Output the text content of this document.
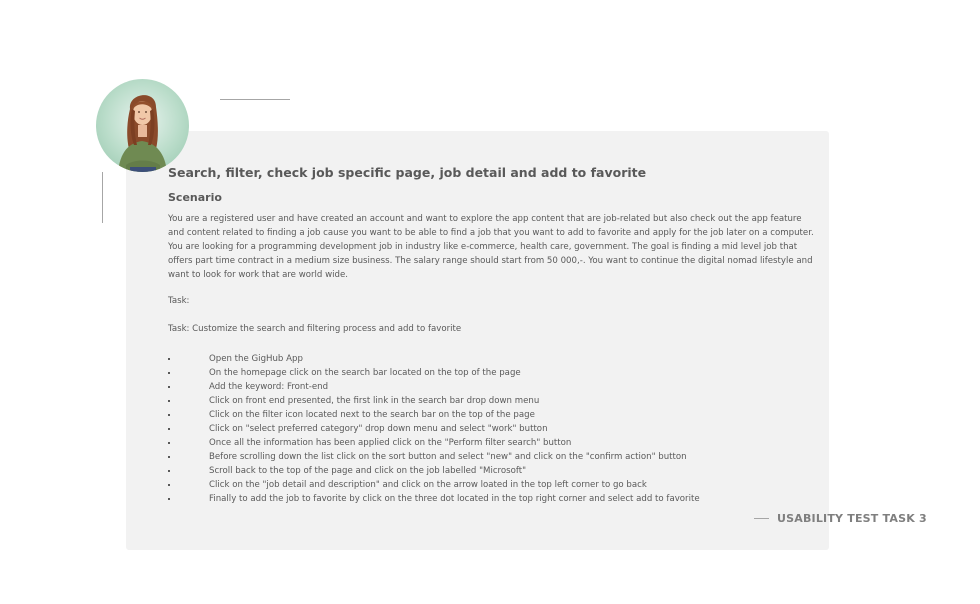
Search, filter, check job specific page, job detail and add to favorite
Scenario

You are a registered user and have created an account and want to explore the app content that are job-related but also check out the app feature and content related to finding a job cause you want to be able to find a job that you want to add to favorite and apply for the job later on a computer. You are looking for a programming development job in industry like e-commerce, health care, government. The goal is finding a mid level job that offers part time contract in a medium size business. The salary range should start from 50 000,-. You want to continue the digital nomad lifestyle and want to look for work that are world wide.

Task:
Task: Customize the search and filtering process and add to favorite
Open the GigHub App
On the homepage click on the search bar located on the top of the page
Add the keyword: Front-end
Click on front end presented, the first link in the search bar drop down menu
Click on the filter icon located next to the search bar on the top of the page
Click on "select preferred category" drop down menu and select "work" button
Once all the information has been applied click on the "Perform filter search" button
Before scrolling down the list click on the sort button and select "new" and click on the "confirm action" button
Scroll back to the top of the page and click on the job labelled "Microsoft"
Click on the "job detail and description" and click on the arrow loated in the top left corner to go back
Finally to add the job to favorite by click on the three dot located in the top right corner and select add to favorite
USABILITY TEST TASK 3
